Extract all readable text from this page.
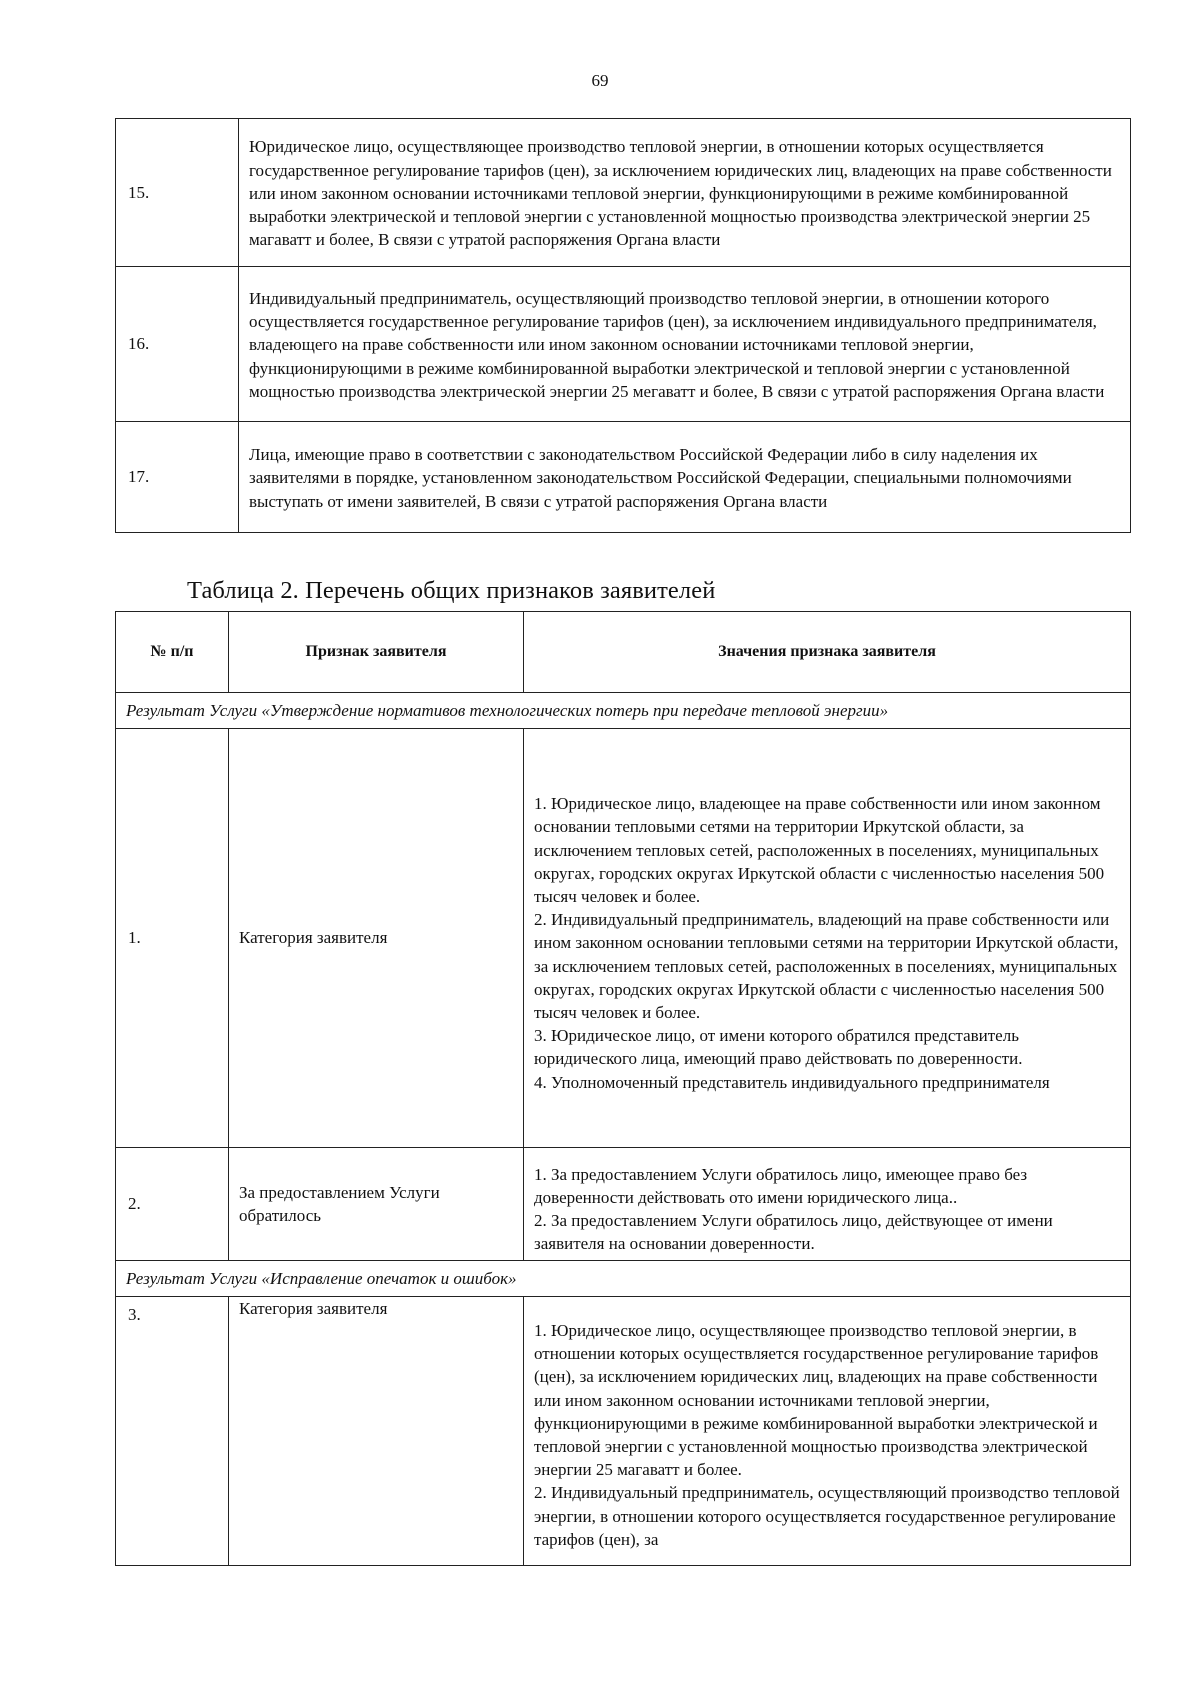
69
15.	Юридическое лицо, осуществляющее производство тепловой энергии, в отношении которых осуществляется государственное регулирование тарифов (цен), за исключением юридических лиц, владеющих на праве собственности или ином законном основании источниками тепловой энергии, функционирующими в режиме комбинированной выработки электрической и тепловой энергии с установленной мощностью производства электрической энергии 25 магаватт и более, В связи с утратой распоряжения Органа власти
16.	Индивидуальный предприниматель, осуществляющий производство тепловой энергии, в отношении которого осуществляется государственное регулирование тарифов (цен), за исключением индивидуального предпринимателя, владеющего на праве собственности или ином законном основании источниками тепловой энергии, функционирующими в режиме комбинированной выработки электрической и тепловой энергии с установленной мощностью производства электрической энергии 25 мегаватт и более, В связи с утратой распоряжения Органа власти
17.	Лица, имеющие право в соответствии с законодательством Российской Федерации либо в силу наделения их заявителями в порядке, установленном законодательством Российской Федерации, специальными полномочиями выступать от имени заявителей, В связи с утратой распоряжения Органа власти
Таблица 2. Перечень общих признаков заявителей
№ п/п	Признак заявителя	Значения признака заявителя
Результат Услуги «Утверждение нормативов технологических потерь при передаче тепловой энергии»		
1.	Категория заявителя	1. Юридическое лицо, владеющее на праве собственности или ином законном основании тепловыми сетями на территории Иркутской области, за исключением тепловых сетей, расположенных в поселениях, муниципальных округах, городских округах Иркутской области с численностью населения 500 тысяч человек и более.

2. Индивидуальный предприниматель, владеющий на праве собственности или ином законном основании тепловыми сетями на территории Иркутской области, за исключением тепловых сетей, расположенных в поселениях, муниципальных округах, городских округах Иркутской области с численностью населения 500 тысяч человек и более.

3. Юридическое лицо, от имени которого обратился представитель юридического лица, имеющий право действовать по доверенности.

4. Уполномоченный представитель индивидуального предпринимателя

2.	За предоставлением Услуги обратилось	1. За предоставлением Услуги обратилось лицо, имеющее право без доверенности действовать ото имени юридического лица..

2. За предоставлением Услуги обратилось лицо, действующее от имени заявителя на основании доверенности.

Результат Услуги «Исправление опечаток и ошибок»		
3.	Категория заявителя	1. Юридическое лицо, осуществляющее производство тепловой энергии, в отношении которых осуществляется государственное регулирование тарифов (цен), за исключением юридических лиц, владеющих на праве собственности или ином законном основании источниками тепловой энергии, функционирующими в режиме комбинированной выработки электрической и тепловой энергии с установленной мощностью производства электрической энергии 25 магаватт и более.

2. Индивидуальный предприниматель, осуществляющий производство тепловой энергии, в отношении которого осуществляется государственное регулирование тарифов (цен), за
